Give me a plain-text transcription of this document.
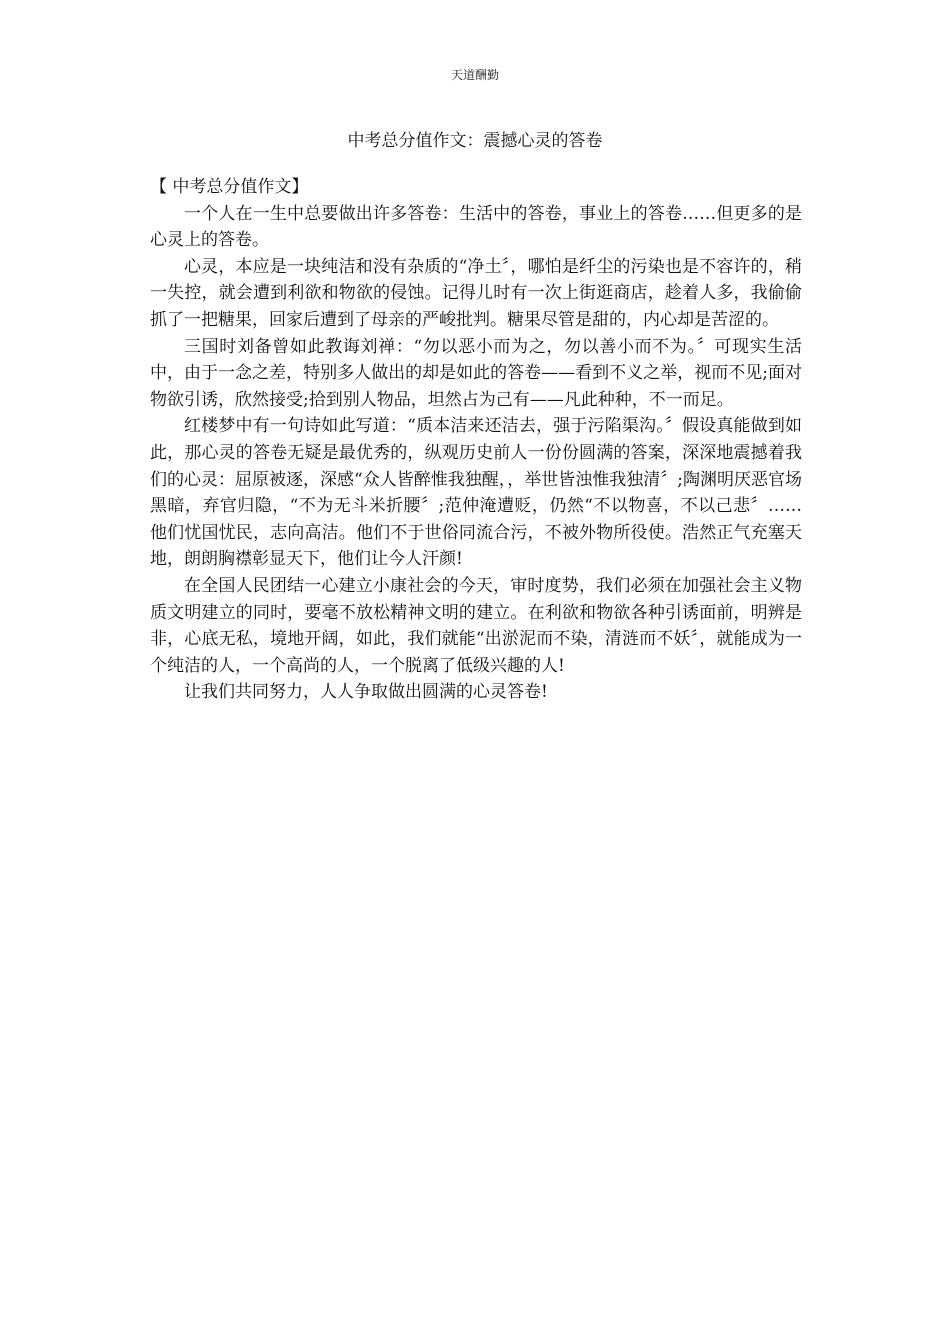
天道酬勤
中考总分值作文：震撼心灵的答卷

【 中考总分值作文】

一个人在一生中总要做出许多答卷：生活中的答卷，事业上的答卷……但更多的是心灵上的答卷。

心灵，本应是一块纯洁和没有杂质的“净土〞，哪怕是纤尘的污染也是不容许的，稍一失控，就会遭到利欲和物欲的侵蚀。记得儿时有一次上街逛商店，趁着人多，我偷偷抓了一把糖果，回家后遭到了母亲的严峻批判。糖果尽管是甜的，内心却是苦涩的。

三国时刘备曾如此教诲刘禅：“勿以恶小而为之，勿以善小而不为。〞可现实生活中，由于一念之差，特别多人做出的却是如此的答卷——看到不义之举，视而不见;面对物欲引诱，欣然接受;拾到别人物品，坦然占为己有——凡此种种，不一而足。

红楼梦中有一句诗如此写道：“质本洁来还洁去，强于污陷渠沟。〞假设真能做到如此，那心灵的答卷无疑是最优秀的，纵观历史前人一份份圆满的答案，深深地震撼着我们的心灵：屈原被逐，深感“众人皆醉惟我独醒，，举世皆浊惟我独清〞;陶渊明厌恶官场黑暗，弃官归隐，“不为无斗米折腰〞;范仲淹遭贬，仍然“不以物喜，不以己悲〞……他们忧国忧民，志向高洁。他们不于世俗同流合污，不被外物所役使。浩然正气充塞天地，朗朗胸襟彰显天下，他们让今人汗颜!

在全国人民团结一心建立小康社会的今天，审时度势，我们必须在加强社会主义物质文明建立的同时，要毫不放松精神文明的建立。在利欲和物欲各种引诱面前，明辨是非，心底无私，境地开阔，如此，我们就能“出淤泥而不染，清涟而不妖〞，就能成为一个纯洁的人，一个高尚的人，一个脱离了低级兴趣的人!

让我们共同努力，人人争取做出圆满的心灵答卷!
